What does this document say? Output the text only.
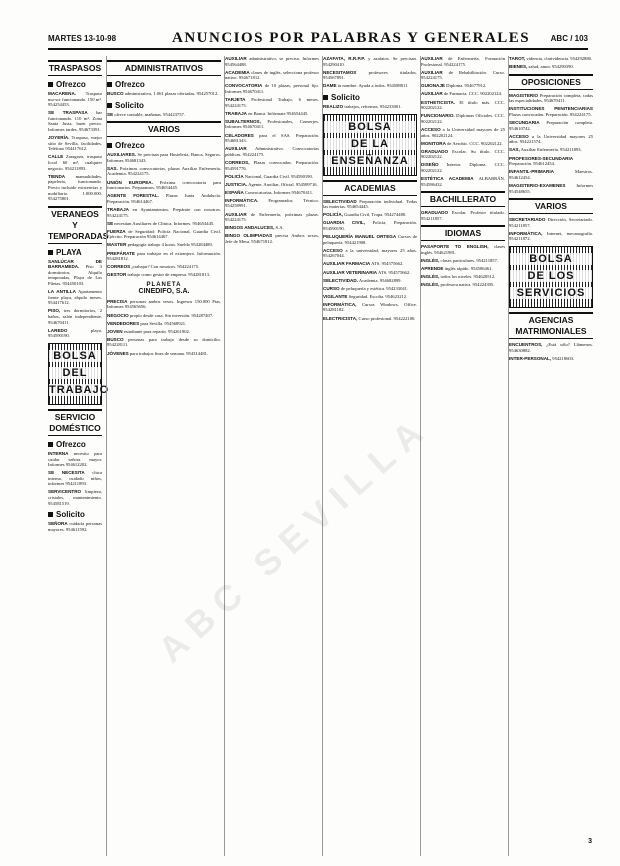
MARTES 13-10-98	ANUNCIOS POR PALABRAS Y GENERALES	ABC / 103
TRASPASOS
Ofrezco

MACARENA. Traspaso mo-scr funcionando. 150 m². 954254453.

SE TRASPASA bar funcionando. 110 m². Zona Santa Justa, buen precio. Informes tardes. 954673391.

JOYERÍA. Traspaso, mejor sitio de Sevilla, facilidades. Teléfono 954417612.

CALLE Zaragoza, traspaso local 60 m², cualquier negocio. 954211893.

TIENDA manualidades, papelería, funcionando. Precio incluido existencias y mobiliario. 1.000.000. 954275801.

VERANEOS Y TEMPORADAS
PLAYA

SANLÚCAR DE BARRAMEDA. Piso 3 dormitorios. Alquilo temporadas. Playa de Las Piletas. 954450103.

LA ANTILLA Apartamento frente playa, alquilo meses. 954417612.

PISO, tres dormitorios, 2 baños, salón independiente. 954670411.

LAREDO	playa. 954590190.

BOLSA
DEL
TRABAJO
SERVICIO DOMÉSTICO
Ofrezco

INTERNA necesito para cuidar señora mayor. Informes 954612202.

SE NECESITA chica interna, cuidado niños, informes 954211893.

SERVICENTRO limpieza, cristales, mantenimiento. 954581519.

Solicito

SEÑORA cuidaría personas mayores. 954611592.

ADMINISTRATIVOS
Ofrezco

BUSCO administrativa, 1.061 plazas ofertadas. 954257012.

Solicito

SE ofrece contable, mañanas. 954423757.

VARIOS
Ofrezco

AUXILIARES. Se precisan para Hostelería, Banca, Seguros. Informes 954681343.

SAS. Próximas convocatorias, plazas Auxiliar Enfermería. Academia. 954224175.

UNIÓN EUROPEA. Próxima convocatoria para funcionarios. Preparamos. 954654445.

AGENTE FORESTAL. Plazas Junta Andalucía. Preparación. 954614467.

TRABAJA en Ayuntamientos. Prepárate con nosotros. 954224175.

SE necesitan Auxiliares de Clínica. Informes. 954654445.

FUERZA de Seguridad: Policía Nacional, Guardia Civil. Ejército. Preparación 954614467.

MASTER pedagogía trabajo 4 horas. Sueldo 954284480.

PREPÁRATE para trabajar en el extranjero. Información. 954281812.

CORREOS ¿trabajar? Con nosotros. 954224175.

GESTOR trabajo como gestor de empresa. 954281813.

PLANETA
CINEDIFO, S.A.

PRECISA personas ambos sexos. Ingresos 150.000 Ptas. Informes 954565656.

NEGOCIO propio desde casa. Sin inversión. 954287407.

VENDEDORES para Sevilla. 954568921.

JOVEN estudiante para repartir. 954261902.

BUSCO personas para trabajo desde su domicilio. 954228111.

JÓVENES para trabajos fines de semana. 954314481.

AUXILIAR administrativo, se precisa. Informes 954564488.

ACADEMIA clases de inglés, selecciona profesor nativo. 954671812.

CONVOCATORIA de 10 plazas, personal fijo. Informes 954670411.

TARJETA Profesional Trabajo, 6 meses. 954224175.

TRABAJA en Banca. Infórmate 954654445.

SUBALTERNOS, Profesionales, Conserjes. Informes 954670411.

CELADORES para el SAS. Preparación. 954681343.

AUXILIAR Administrativo. Convocatorias públicas. 954224175.

CORREOS, Plazas convocadas. Preparación. 954591776.

POLICÍA Nacional, Guardia Civil. 954590190.

JUSTICIA. Agente, Auxiliar, Oficial. 954589716.

ESPAÑA Convocatorias. Informes 954670411.

INFORMÁTICA. Programador, Técnico. 954258991.

AUXILIAR de Enfermería, próximas plazas. 954224175.

BINGOS ANDALUCES, S.A.

BINGO OLIMPIADAS precisa Ambos sexos, Jefe de Mesa. 954671812.

AZAFATA, R.R.P.P. y azafatos. Se precisan. 954290410.

NECESITAMOS	profesores titulados. 954567891.

DAME tu nombre. Ayuda a todos. 954588811.

Solicito

REALIZO trabajos, reformas. 954233001.

BOLSA
DE LA
ENSEÑANZA
ACADEMIAS

SELECTIVIDAD Preparación individual. Todas las materias. 954654445.

POLICÍA, Guardia Civil, Tropa. 954274480.

GUARDIA CIVIL, Policía, Preparación. 954590190.

PELUQUERÍA MANUEL ORTEGA Cursos de peluquería. 954421908.

ACCESO a la universidad, mayores 25 años. 954267044.

AUXILIAR FARMACIA ATS. 954575662.

AUXILIAR VETERINARIA ATS. 954575662.

SELECTIVIDAD. Academia. 954682899.

CURSO de peluquería y estética. 954233041.

VIGILANTE Seguridad. Escolta. 954623212.

INFORMÁTICA, Cursos Windows, Office. 954281182.

ELECTRICISTA, Curso profesional. 954222100.

AUXILIAR de Enfermería, Formación Profesional. 954224175.

AUXILIAR de Rehabilitación. Curso. 954224175.

GUIONAJE Diploma. 954677912.

AUXILIAR de Farmacia. CCC. 902202124.

ESTHETICISTA. El título más. CCC. 902202122.

FUNCIONARIO. Diplomas Oficiales. CCC. 902202122.

ACCESO a la Universidad mayores de 25 años. 902202124.

MONITORA de Aerobic. CCC. 902202122.

GRADUADO Escolar. Su título. CCC. 902202122.

DISEÑO Interior. Diploma. CCC. 902202122.

ESTÉTICA ACADEMIA ALBARRÁN. 954586432.

BACHILLERATO

GRADUADO Escolar. Profesor titulado. 954211857.

IDIOMAS

PASAPORTE TO ENGLISH, clases inglés. 954621981.

INGLÉS, clases particulares. 954211857.

APRENDE inglés rápido. 954586461.

INGLÉS, todos los niveles. 954620512.

INGLÉS, profesora nativa. 954224395.

TAROT, videncia, clarividencia. 954292880.

BIENES, salud, amor. 954290390.

OPOSICIONES

MAGISTERIO Preparación completa, todas las especialidades. 954670411.

INSTITUCIONES PENITENCIARIAS Plazas convocadas. Preparación. 954224175.

SECUNDARIA Preparación completa. 954610742.

ACCESO a la Universidad mayores 25 años. 954221574.

SAS, Auxiliar Enfermería. 954211893.

PROFESORES-SECUNDARIA Preparación. 954612454.

INFANTIL-PRIMARIA	Maestros. 954612454.

MAGISTERIO-EXAMENES Informes 954548655.

VARIOS

SECRETARIADO Dirección, Secretariado. 954211857.

INFORMÁTICA, Internet, mecanografía. 954211872.

BOLSA
DE LOS
SERVICIOS
AGENCIAS MATRIMONIALES

ENCUENTROS, ¿Está sólo? Llámenos. 954630882.

INTER-PERSONAL, 954218603.

ABC SEVILLA
3
